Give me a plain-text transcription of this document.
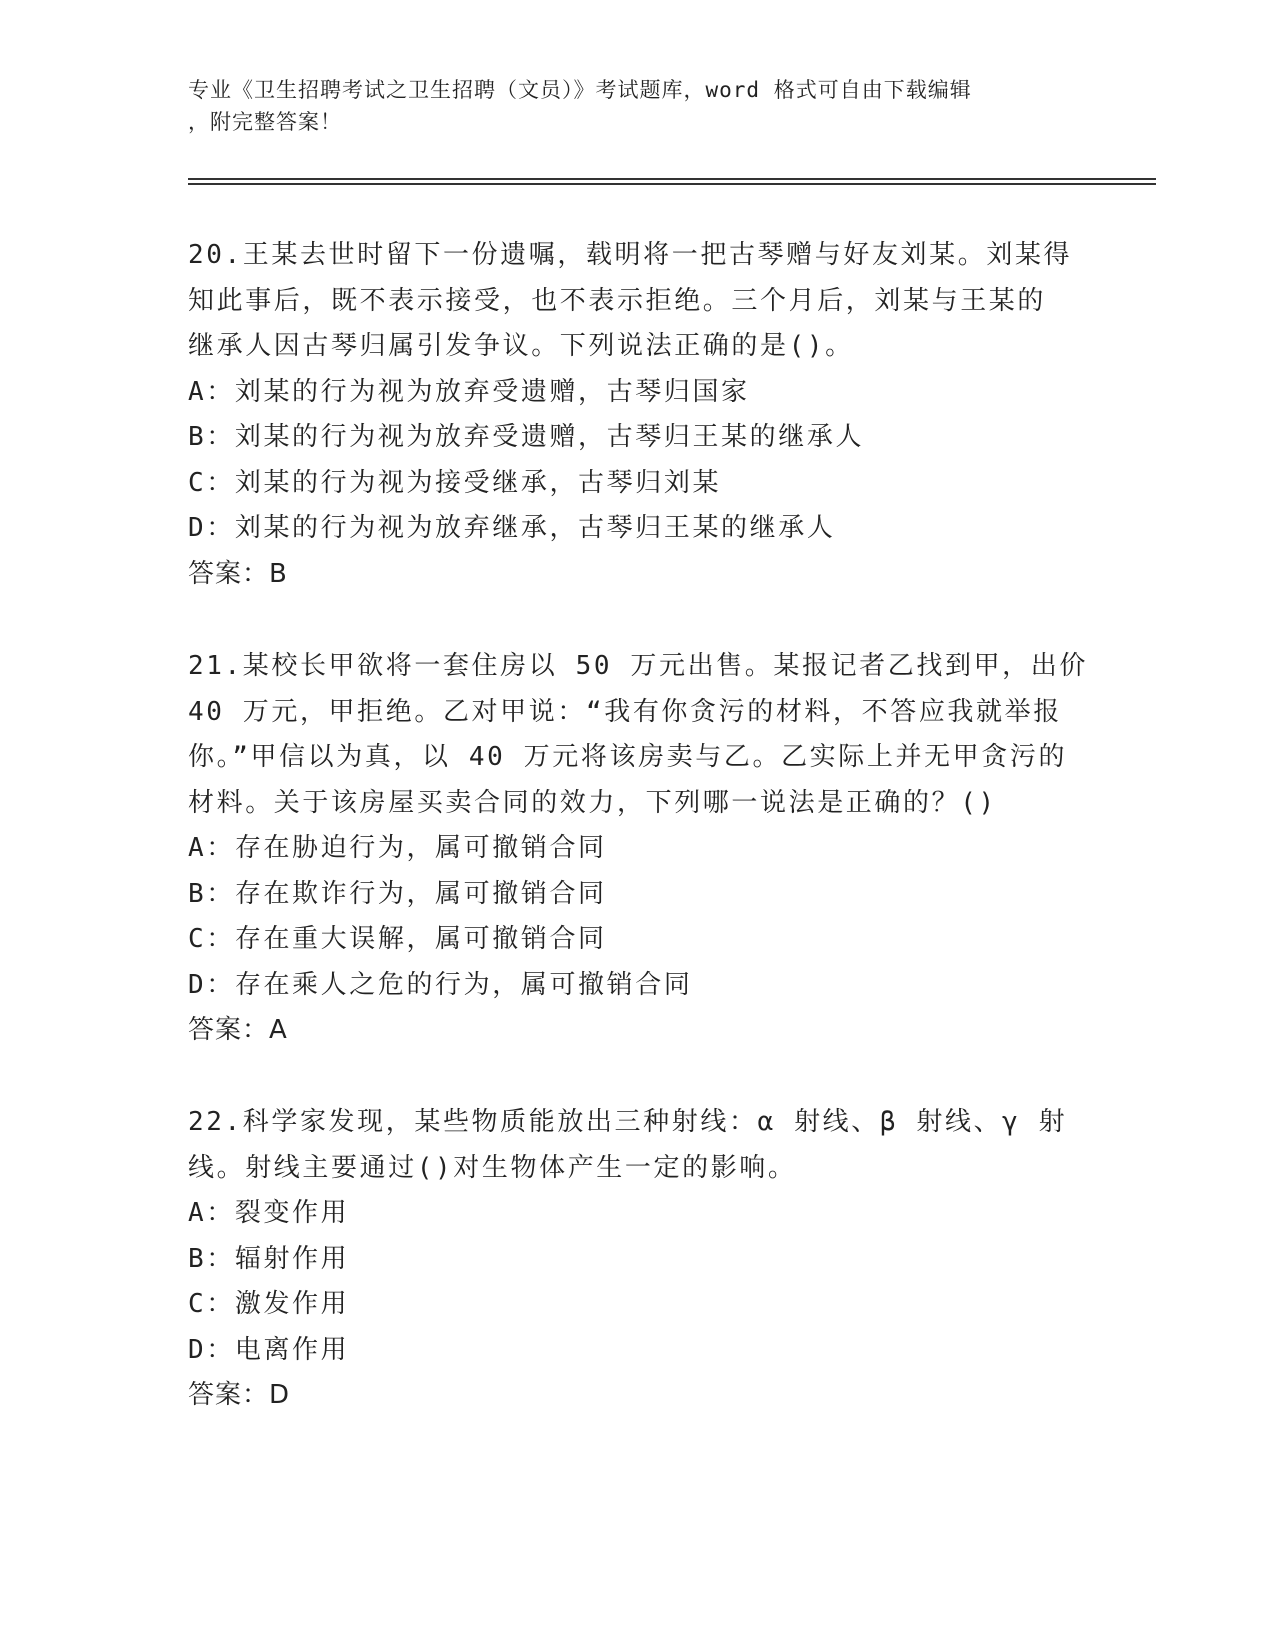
专业《卫生招聘考试之卫生招聘（文员）》考试题库，word 格式可自由下载编辑
，附完整答案！
20.王某去世时留下一份遗嘱，载明将一把古琴赠与好友刘某。刘某得
知此事后，既不表示接受，也不表示拒绝。三个月后，刘某与王某的
继承人因古琴归属引发争议。下列说法正确的是()。
A：刘某的行为视为放弃受遗赠，古琴归国家
B：刘某的行为视为放弃受遗赠，古琴归王某的继承人
C：刘某的行为视为接受继承，古琴归刘某
D：刘某的行为视为放弃继承，古琴归王某的继承人
答案：B
21.某校长甲欲将一套住房以 50 万元出售。某报记者乙找到甲，出价
40 万元，甲拒绝。乙对甲说：“我有你贪污的材料，不答应我就举报
你。”甲信以为真，以 40 万元将该房卖与乙。乙实际上并无甲贪污的
材料。关于该房屋买卖合同的效力，下列哪一说法是正确的？()
A：存在胁迫行为，属可撤销合同
B：存在欺诈行为，属可撤销合同
C：存在重大误解，属可撤销合同
D：存在乘人之危的行为，属可撤销合同
答案：A
22.科学家发现，某些物质能放出三种射线：α 射线、β 射线、γ 射
线。射线主要通过()对生物体产生一定的影响。
A：裂变作用
B：辐射作用
C：激发作用
D：电离作用
答案：D
